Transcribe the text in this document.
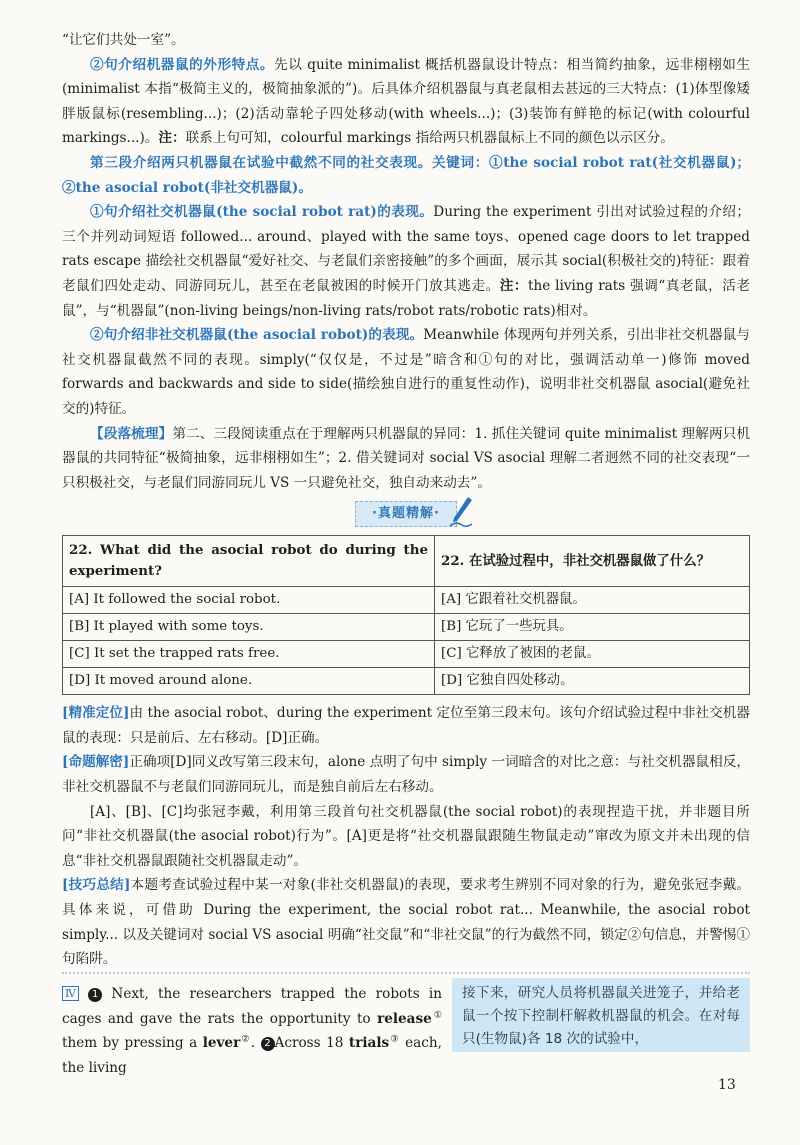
“让它们共处一室”。

②句介绍机器鼠的外形特点。先以 quite minimalist 概括机器鼠设计特点：相当简约抽象，远非栩栩如生(minimalist 本指“极简主义的，极简抽象派的”)。后具体介绍机器鼠与真老鼠相去甚远的三大特点：(1)体型像矮胖版鼠标(resembling...)；(2)活动靠轮子四处移动(with wheels...)；(3)装饰有鲜艳的标记(with colourful markings...)。注：联系上句可知，colourful markings 指给两只机器鼠标上不同的颜色以示区分。

第三段介绍两只机器鼠在试验中截然不同的社交表现。关键词：①the social robot rat(社交机器鼠)；②the asocial robot(非社交机器鼠)。

①句介绍社交机器鼠(the social robot rat)的表现。During the experiment 引出对试验过程的介绍；三个并列动词短语 followed... around、played with the same toys、opened cage doors to let trapped rats escape 描绘社交机器鼠“爱好社交、与老鼠们亲密接触”的多个画面，展示其 social(积极社交的)特征：跟着老鼠们四处走动、同游同玩儿，甚至在老鼠被困的时候开门放其逃走。注：the living rats 强调“真老鼠，活老鼠”，与“机器鼠”(non-living beings/non-living rats/robot rats/robotic rats)相对。

②句介绍非社交机器鼠(the asocial robot)的表现。Meanwhile 体现两句并列关系，引出非社交机器鼠与社交机器鼠截然不同的表现。simply(“仅仅是，不过是”暗含和①句的对比，强调活动单一)修饰 moved forwards and backwards and side to side(描绘独自进行的重复性动作)，说明非社交机器鼠 asocial(避免社交的)特征。

【段落梳理】第二、三段阅读重点在于理解两只机器鼠的异同：1. 抓住关键词 quite minimalist 理解两只机器鼠的共同特征“极简抽象，远非栩栩如生”；2. 借关键词对 social VS asocial 理解二者迥然不同的社交表现“一只积极社交，与老鼠们同游同玩儿 VS 一只避免社交，独自动来动去”。

·真题精解·
22. What did the asocial robot do during the experiment?	22. 在试验过程中，非社交机器鼠做了什么？
[A] It followed the social robot.	[A] 它跟着社交机器鼠。
[B] It played with some toys.	[B] 它玩了一些玩具。
[C] It set the trapped rats free.	[C] 它释放了被困的老鼠。
[D] It moved around alone.	[D] 它独自四处移动。

[精准定位]由 the asocial robot、during the experiment 定位至第三段末句。该句介绍试验过程中非社交机器鼠的表现：只是前后、左右移动。[D]正确。

[命题解密]正确项[D]同义改写第三段末句，alone 点明了句中 simply 一词暗含的对比之意：与社交机器鼠相反，非社交机器鼠不与老鼠们同游同玩儿，而是独自前后左右移动。

[A]、[B]、[C]均张冠李戴，利用第三段首句社交机器鼠(the social robot)的表现捏造干扰，并非题目所问“非社交机器鼠(the asocial robot)行为”。[A]更是将“社交机器鼠跟随生物鼠走动”窜改为原文并未出现的信息“非社交机器鼠跟随社交机器鼠走动”。

[技巧总结]本题考查试验过程中某一对象(非社交机器鼠)的表现，要求考生辨别不同对象的行为，避免张冠李戴。具体来说，可借助 During the experiment, the social robot rat... Meanwhile, the asocial robot simply... 以及关键词对 social VS asocial 明确“社交鼠”和“非社交鼠”的行为截然不同，锁定②句信息，并警惕①句陷阱。

Ⅳ 1 Next, the researchers trapped the robots in cages and gave the rats the opportunity to release① them by pressing a lever②. 2 Across 18 trials③ each, the living
接下来，研究人员将机器鼠关进笼子，并给老鼠一个按下控制杆解救机器鼠的机会。在对每只(生物鼠)各 18 次的试验中，
13
